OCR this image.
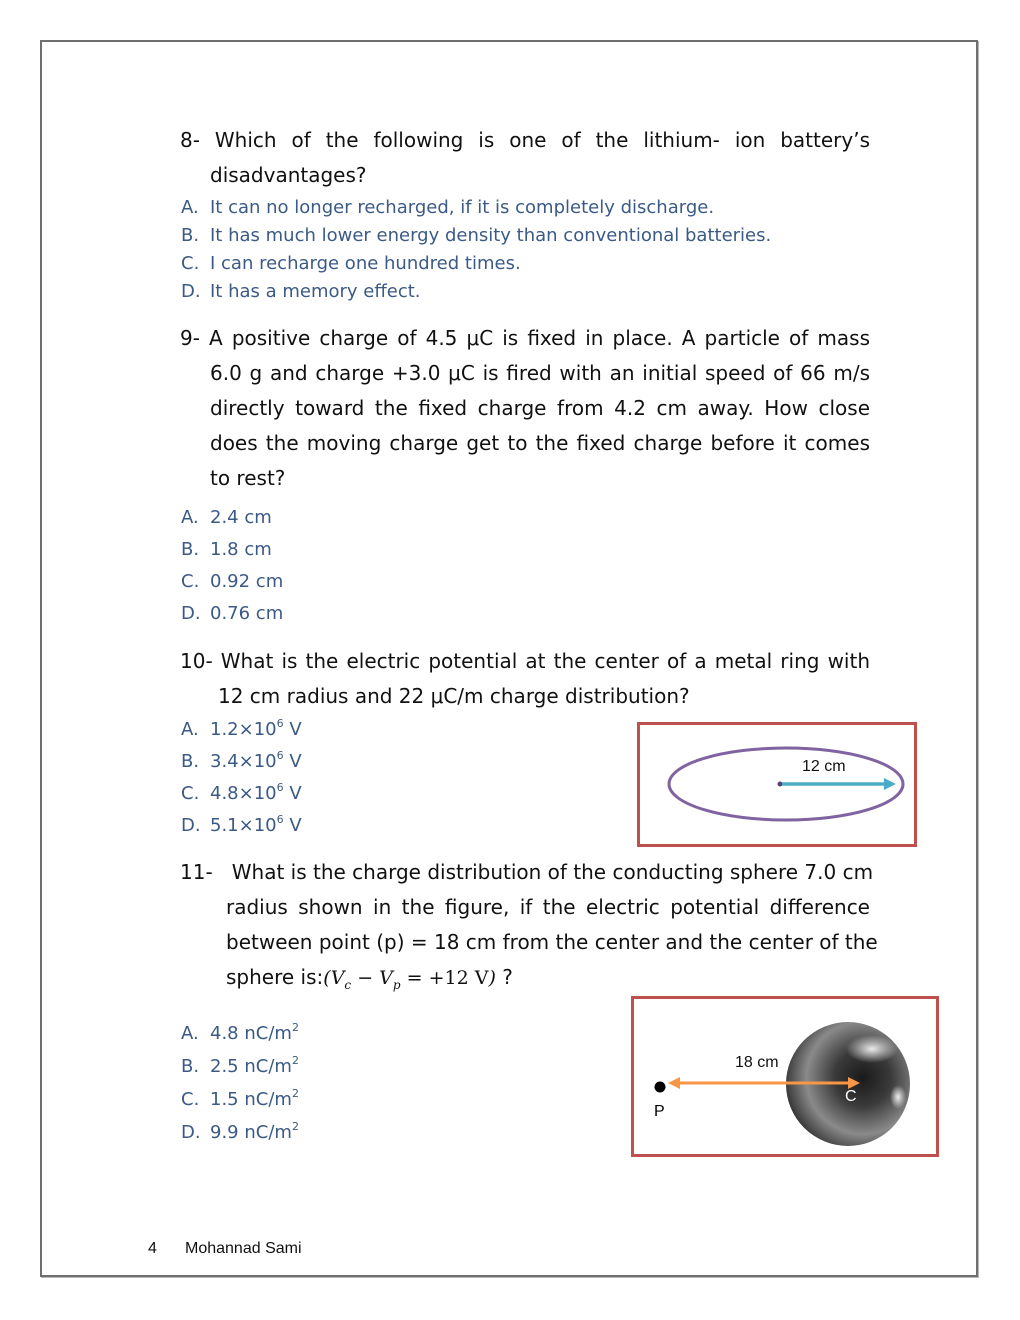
8- Which of the following is one of the lithium- ion battery’s
disadvantages?
A. It can no longer recharged, if it is completely discharge.
B. It has much lower energy density than conventional batteries.
C. I can recharge one hundred times.
D. It has a memory effect.
9- A positive charge of 4.5 μC is fixed in place. A particle of mass
6.0 g and charge +3.0 μC is fired with an initial speed of 66 m/s
directly toward the fixed charge from 4.2 cm away. How close
does the moving charge get to the fixed charge before it comes
to rest?
A. 2.4 cm
B. 1.8 cm
C. 0.92 cm
D. 0.76 cm
10- What is the electric potential at the center of a metal ring with
12 cm radius and 22 μC/m charge distribution?
A. $1.2\times 10^6$ V
B. $3.4\times 10^6$ V
C. $4.8\times 10^6$ V
D. $5.1\times 10^6$ V
12 cm
11- What is the charge distribution of the conducting sphere 7.0 cm
radius shown in the figure, if the electric potential difference
between point (p) = 18 cm from the center and the center of the
sphere $is:(V_c - V_p = +12$ V) ?
A. 4.8 $nC/m^2$
B. 2.5 $nC/m^2$
C. 1.5 $nC/m^2$
D. 9.9 $nC/m^2$
18 cm
P
C
4 Mohannad Sami
